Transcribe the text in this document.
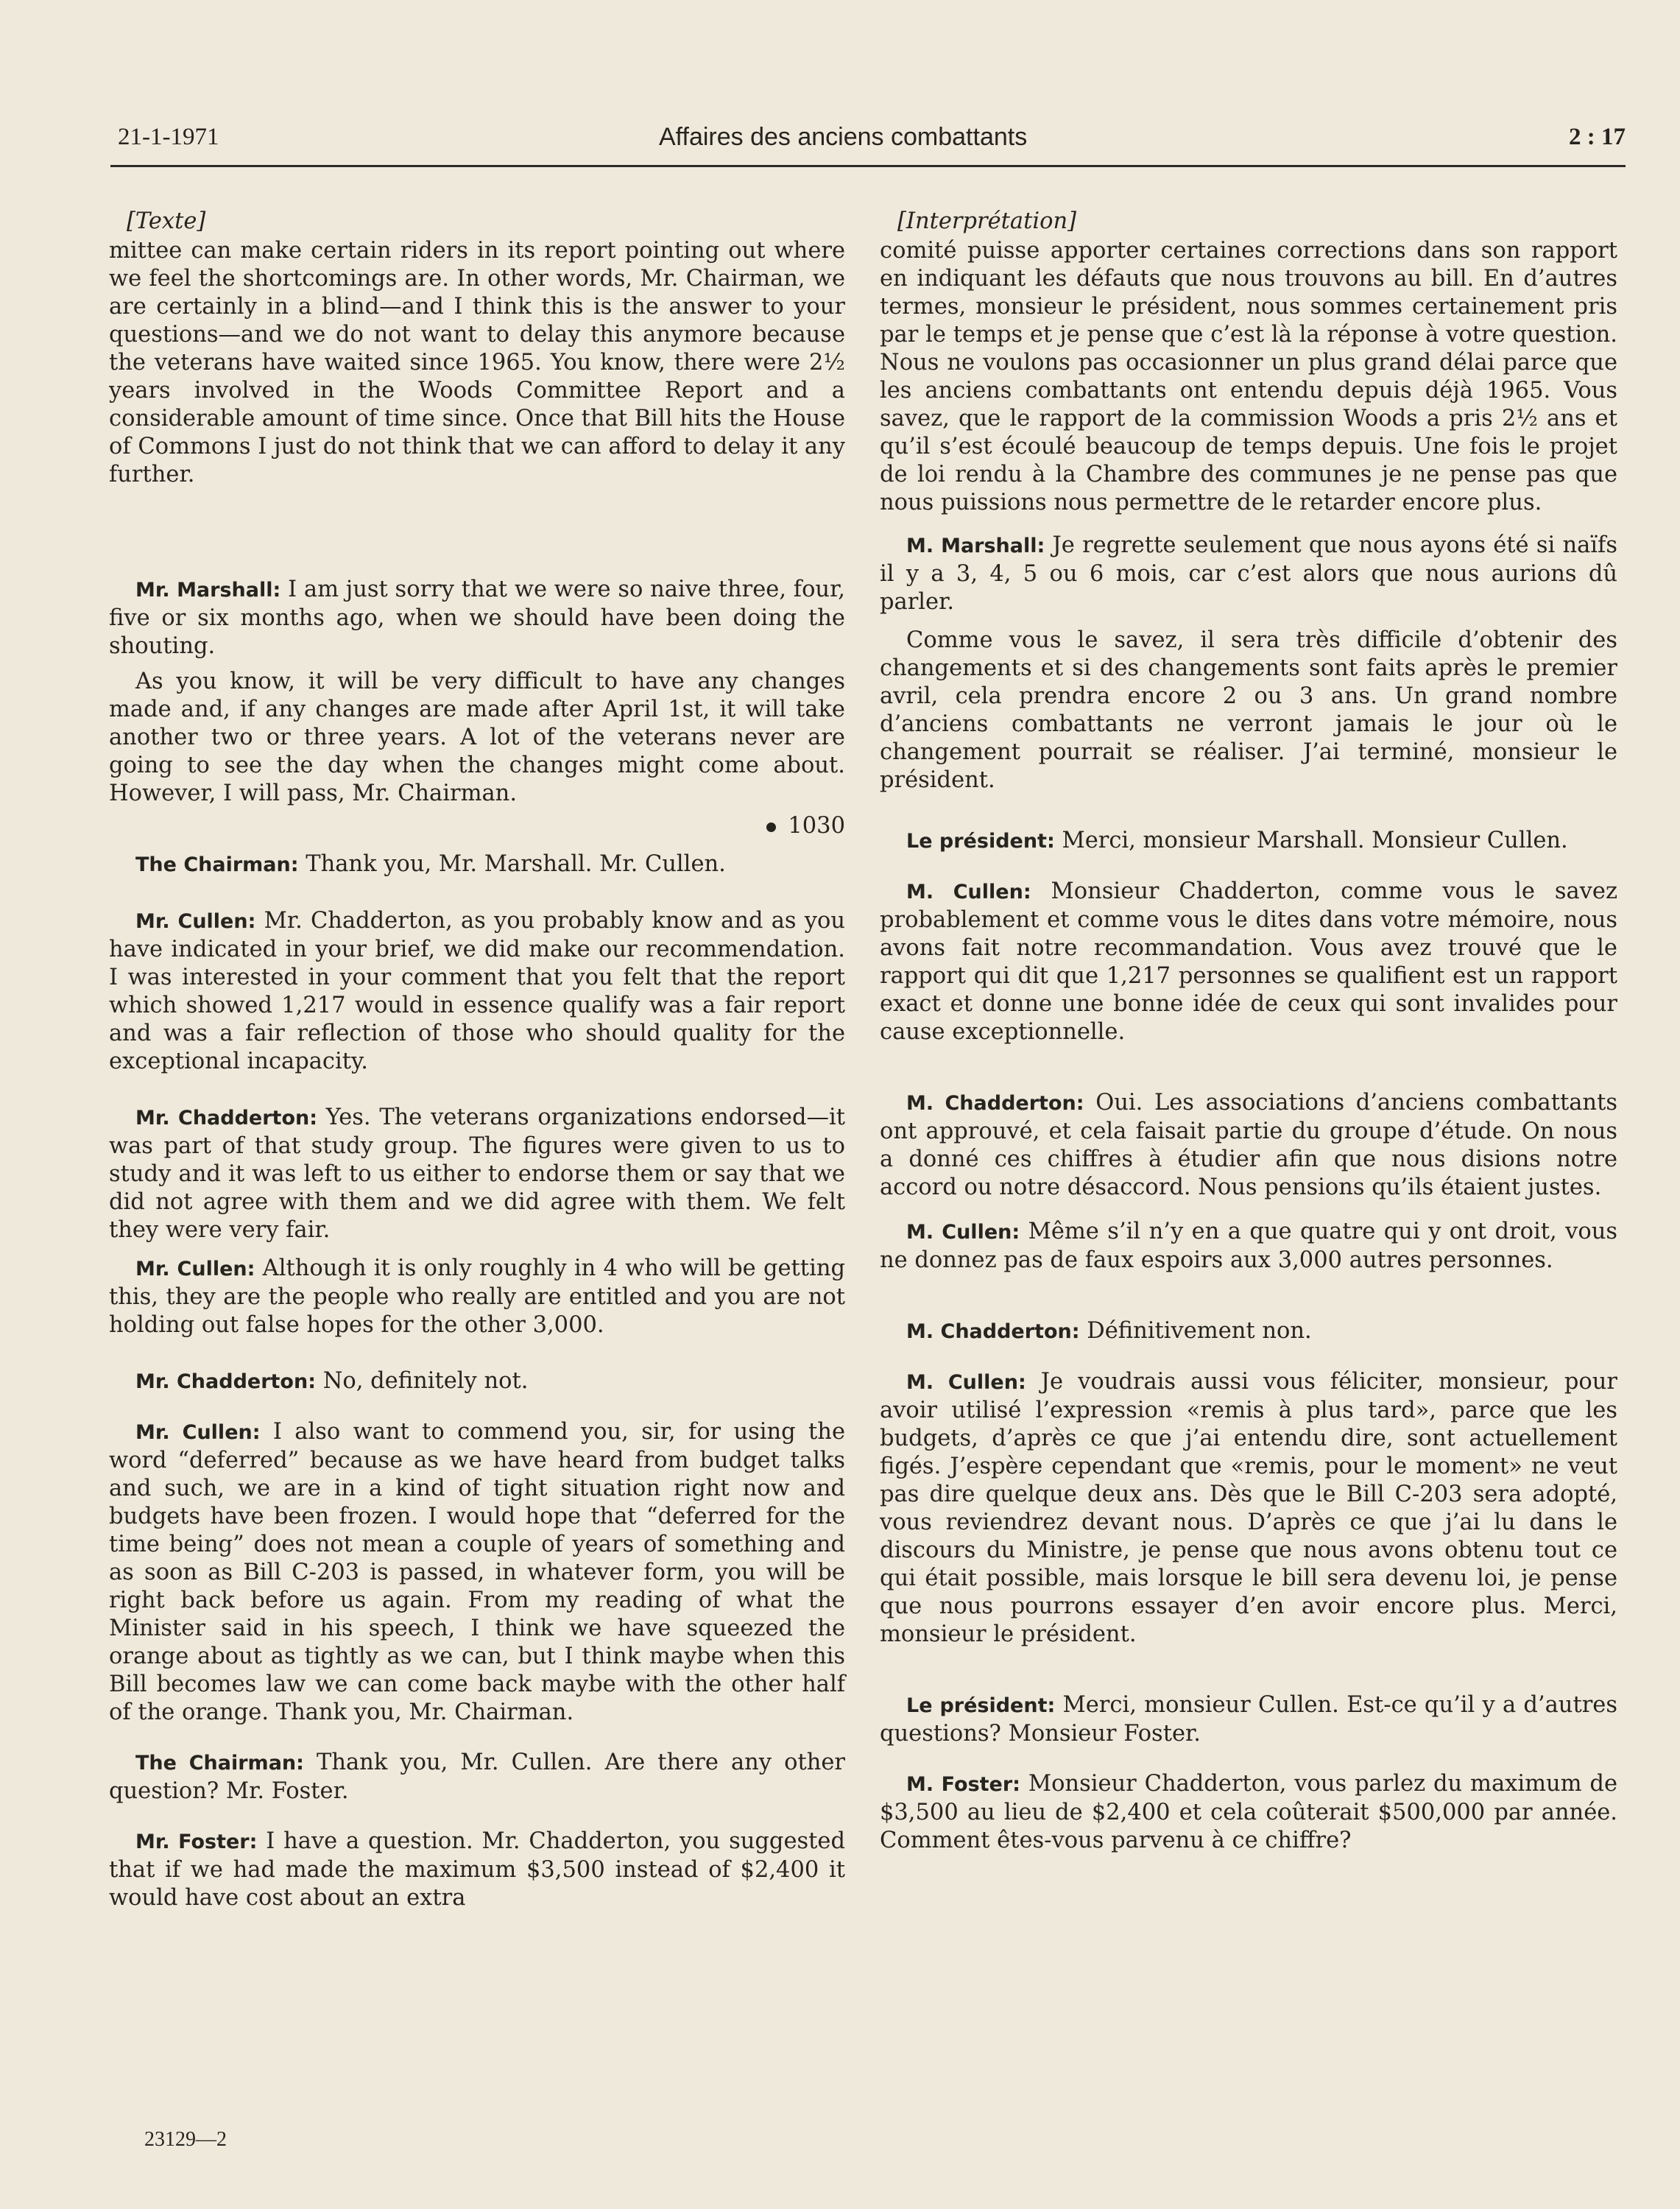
21-1-1971	Affaires des anciens combattants	2 : 17
[Texte]

mittee can make certain riders in its report pointing out where we feel the shortcomings are. In other words, Mr. Chairman, we are certainly in a blind—and I think this is the answer to your questions—and we do not want to delay this anymore because the veterans have waited since 1965. You know, there were 2½ years involved in the Woods Committee Report and a considerable amount of time since. Once that Bill hits the House of Commons I just do not think that we can afford to delay it any further.

Mr. Marshall: I am just sorry that we were so naive three, four, five or six months ago, when we should have been doing the shouting.

As you know, it will be very difficult to have any changes made and, if any changes are made after April 1st, it will take another two or three years. A lot of the veterans never are going to see the day when the changes might come about. However, I will pass, Mr. Chairman.

1030

The Chairman: Thank you, Mr. Marshall. Mr. Cullen.

Mr. Cullen: Mr. Chadderton, as you probably know and as you have indicated in your brief, we did make our recommendation. I was interested in your comment that you felt that the report which showed 1,217 would in essence qualify was a fair report and was a fair reflection of those who should quality for the exceptional incapacity.

Mr. Chadderton: Yes. The veterans organizations endorsed—it was part of that study group. The figures were given to us to study and it was left to us either to endorse them or say that we did not agree with them and we did agree with them. We felt they were very fair.

Mr. Cullen: Although it is only roughly in 4 who will be getting this, they are the people who really are entitled and you are not holding out false hopes for the other 3,000.

Mr. Chadderton: No, definitely not.

Mr. Cullen: I also want to commend you, sir, for using the word “deferred” because as we have heard from budget talks and such, we are in a kind of tight situation right now and budgets have been frozen. I would hope that “deferred for the time being” does not mean a couple of years of something and as soon as Bill C-203 is passed, in whatever form, you will be right back before us again. From my reading of what the Minister said in his speech, I think we have squeezed the orange about as tightly as we can, but I think maybe when this Bill becomes law we can come back maybe with the other half of the orange. Thank you, Mr. Chairman.

The Chairman: Thank you, Mr. Cullen. Are there any other question? Mr. Foster.

Mr. Foster: I have a question. Mr. Chadderton, you suggested that if we had made the maximum $3,500 instead of $2,400 it would have cost about an extra

[Interprétation]

comité puisse apporter certaines corrections dans son rapport en indiquant les défauts que nous trouvons au bill. En d’autres termes, monsieur le président, nous sommes certainement pris par le temps et je pense que c’est là la réponse à votre question. Nous ne voulons pas occasionner un plus grand délai parce que les anciens combattants ont entendu depuis déjà 1965. Vous savez, que le rapport de la commission Woods a pris 2½ ans et qu’il s’est écoulé beaucoup de temps depuis. Une fois le projet de loi rendu à la Chambre des communes je ne pense pas que nous puissions nous permettre de le retarder encore plus.

M. Marshall: Je regrette seulement que nous ayons été si naïfs il y a 3, 4, 5 ou 6 mois, car c’est alors que nous aurions dû parler.

Comme vous le savez, il sera très difficile d’obtenir des changements et si des changements sont faits après le premier avril, cela prendra encore 2 ou 3 ans. Un grand nombre d’anciens combattants ne verront jamais le jour où le changement pourrait se réaliser. J’ai terminé, monsieur le président.

Le président: Merci, monsieur Marshall. Monsieur Cullen.

M. Cullen: Monsieur Chadderton, comme vous le savez probablement et comme vous le dites dans votre mémoire, nous avons fait notre recommandation. Vous avez trouvé que le rapport qui dit que 1,217 personnes se qualifient est un rapport exact et donne une bonne idée de ceux qui sont invalides pour cause exceptionnelle.

M. Chadderton: Oui. Les associations d’anciens combattants ont approuvé, et cela faisait partie du groupe d’étude. On nous a donné ces chiffres à étudier afin que nous disions notre accord ou notre désaccord. Nous pensions qu’ils étaient justes.

M. Cullen: Même s’il n’y en a que quatre qui y ont droit, vous ne donnez pas de faux espoirs aux 3,000 autres personnes.

M. Chadderton: Définitivement non.

M. Cullen: Je voudrais aussi vous féliciter, monsieur, pour avoir utilisé l’expression «remis à plus tard», parce que les budgets, d’après ce que j’ai entendu dire, sont actuellement figés. J’espère cependant que «remis, pour le moment» ne veut pas dire quelque deux ans. Dès que le Bill C-203 sera adopté, vous reviendrez devant nous. D’après ce que j’ai lu dans le discours du Ministre, je pense que nous avons obtenu tout ce qui était possible, mais lorsque le bill sera devenu loi, je pense que nous pourrons essayer d’en avoir encore plus. Merci, monsieur le président.

Le président: Merci, monsieur Cullen. Est-ce qu’il y a d’autres questions? Monsieur Foster.

M. Foster: Monsieur Chadderton, vous parlez du maximum de $3,500 au lieu de $2,400 et cela coûterait $500,000 par année. Comment êtes-vous parvenu à ce chiffre?

23129—2
